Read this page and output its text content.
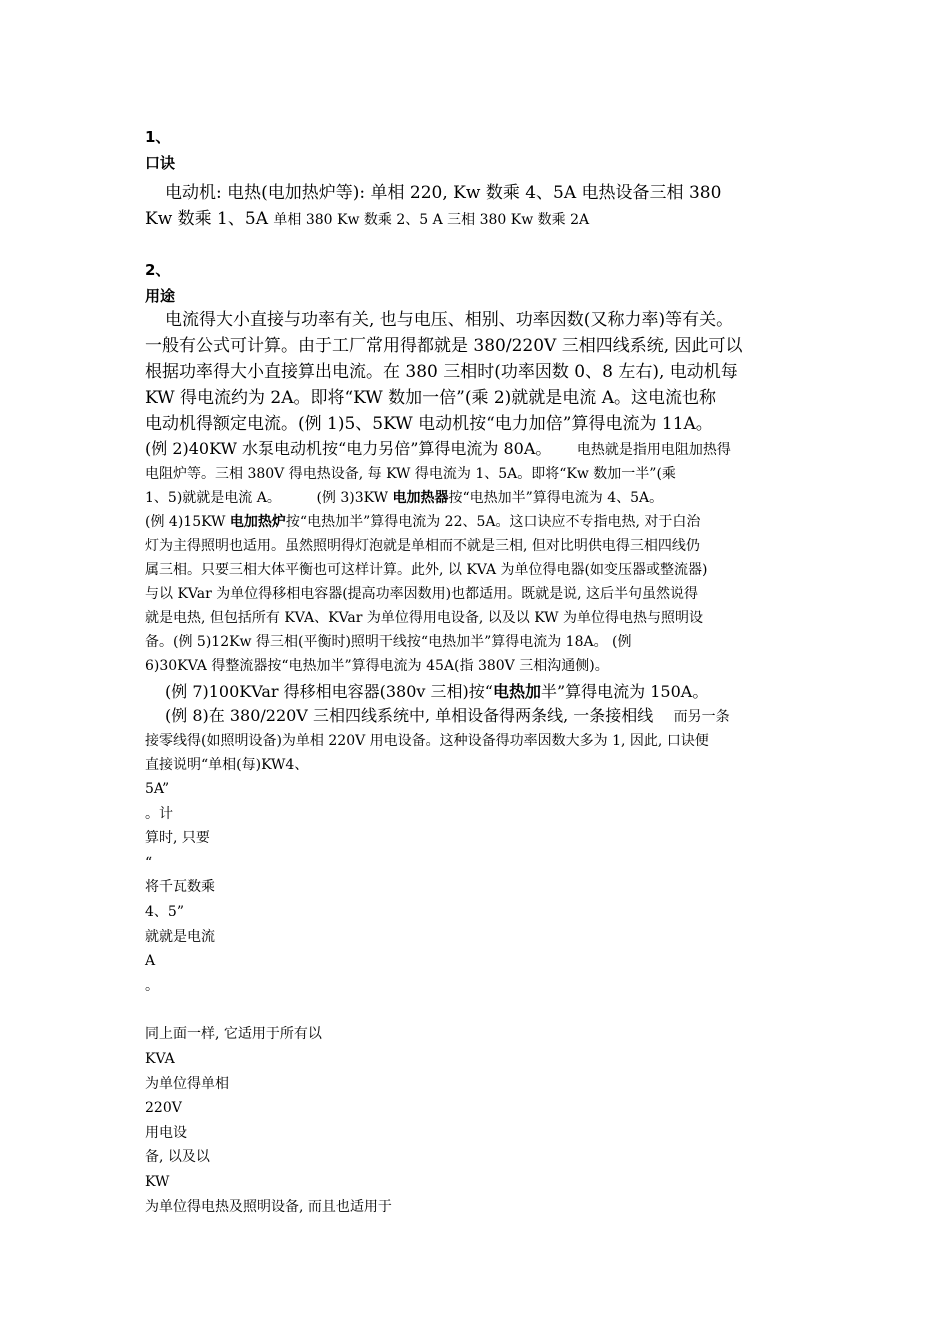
1、

口诀

电动机: 电热(电加热炉等): 单相 220, Kw 数乘 4、5A 电热设备三相 380

Kw 数乘 1、5A 单相 380 Kw 数乘 2、5 A 三相 380 Kw 数乘 2A

2、

用途

电流得大小直接与功率有关, 也与电压、相别、功率因数(又称力率)等有关。

一般有公式可计算。由于工厂常用得都就是 380/220V 三相四线系统, 因此可以

根据功率得大小直接算出电流。在 380 三相时(功率因数 0、8 左右), 电动机每

KW 得电流约为 2A。即将“KW 数加一倍”(乘 2)就就是电流 A。这电流也称

电动机得额定电流。(例 1)5、5KW 电动机按“电力加倍”算得电流为 11A。

(例 2)40KW 水泵电动机按“电力另倍”算得电流为 80A。 电热就是指用电阻加热得

电阻炉等。三相 380V 得电热设备, 每 KW 得电流为 1、5A。即将“Kw 数加一半”(乘

1、5)就就是电流 A。	(例 3)3KW 电加热器按“电热加半”算得电流为 4、5A。

(例 4)15KW 电加热炉按“电热加半”算得电流为 22、5A。这口诀应不专指电热, 对于白治

灯为主得照明也适用。虽然照明得灯泡就是单相而不就是三相, 但对比明供电得三相四线仍

属三相。只要三相大体平衡也可这样计算。此外, 以 KVA 为单位得电器(如变压器或整流器)

与以 KVar 为单位得移相电容器(提高功率因数用)也都适用。既就是说, 这后半句虽然说得

就是电热, 但包括所有 KVA、KVar 为单位得用电设备, 以及以 KW 为单位得电热与照明设

备。(例 5)12Kw 得三相(平衡时)照明干线按“电热加半”算得电流为 18A。 (例

6)30KVA 得整流器按“电热加半”算得电流为 45A(指 380V 三相沟通侧)。

(例 7)100KVar 得移相电容器(380v 三相)按“电热加半”算得电流为 150A。

(例 8)在 380/220V 三相四线系统中, 单相设备得两条线, 一条接相线 而另一条

接零线得(如照明设备)为单相 220V 用电设备。这种设备得功率因数大多为 1, 因此, 口诀便

直接说明“单相(每)KW4、

5A”

。计

算时, 只要

“

将千瓦数乘

4、5”

就就是电流

A

。

同上面一样, 它适用于所有以

KVA

为单位得单相

220V

用电设

备, 以及以

KW

为单位得电热及照明设备, 而且也适用于
